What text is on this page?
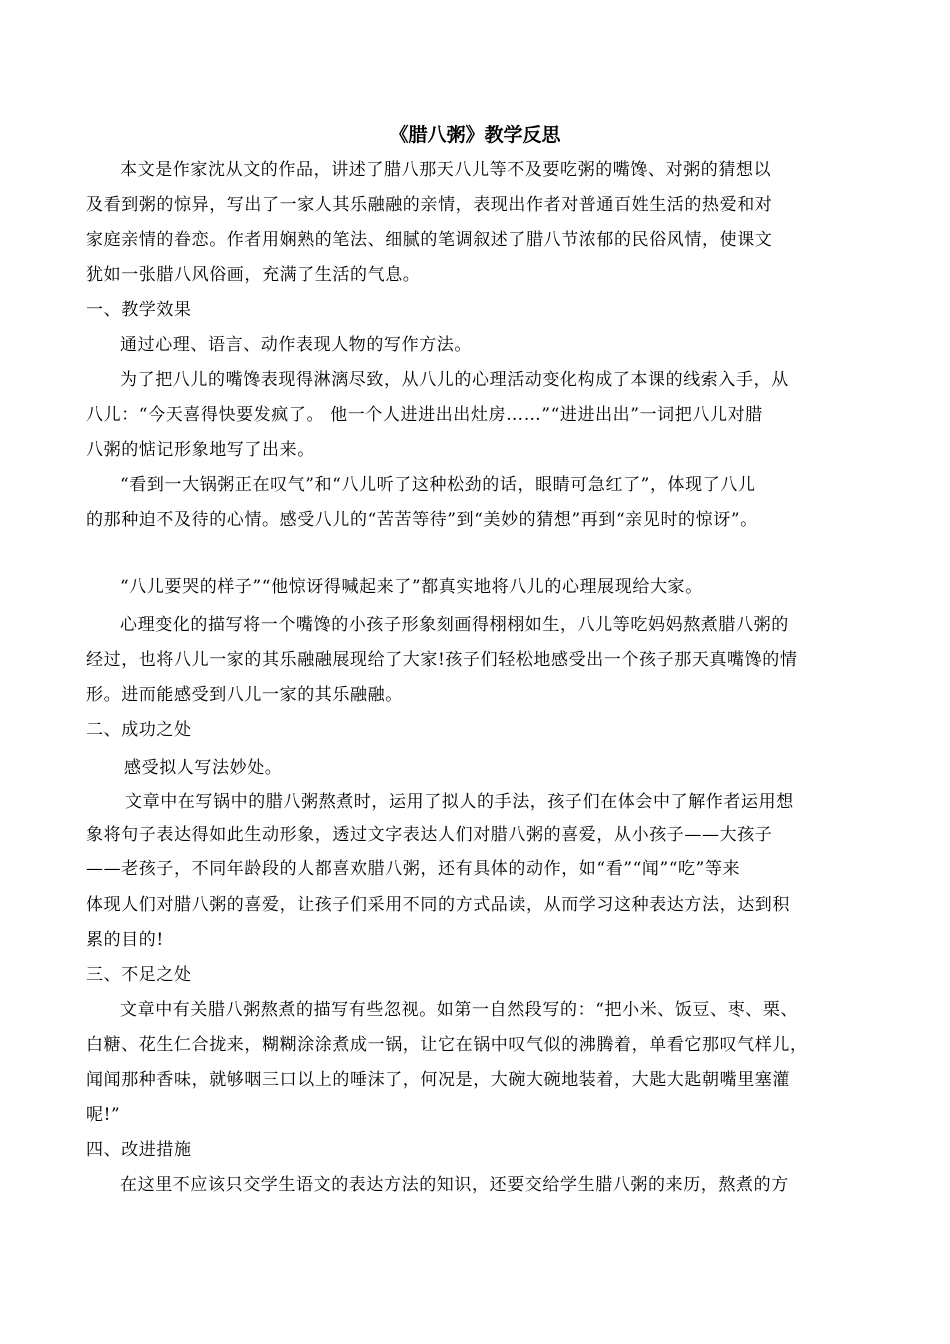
《腊八粥》教学反思
本文是作家沈从文的作品，讲述了腊八那天八儿等不及要吃粥的嘴馋、对粥的猜想以
及看到粥的惊异，写出了一家人其乐融融的亲情，表现出作者对普通百姓生活的热爱和对
家庭亲情的眷恋。作者用娴熟的笔法、细腻的笔调叙述了腊八节浓郁的民俗风情，使课文
犹如一张腊八风俗画，充满了生活的气息。
一、教学效果
通过心理、语言、动作表现人物的写作方法。
为了把八儿的嘴馋表现得淋漓尽致，从八儿的心理活动变化构成了本课的线索入手，从
八儿：“今天喜得快要发疯了。 他一个人进进出出灶房……”“进进出出”一词把八儿对腊
八粥的惦记形象地写了出来。
“看到一大锅粥正在叹气”和“八儿听了这种松劲的话，眼睛可急红了”，体现了八儿
的那种迫不及待的心情。感受八儿的“苦苦等待”到“美妙的猜想”再到“亲见时的惊讶”。
“八儿要哭的样子”“他惊讶得喊起来了”都真实地将八儿的心理展现给大家。
心理变化的描写将一个嘴馋的小孩子形象刻画得栩栩如生，八儿等吃妈妈熬煮腊八粥的
经过，也将八儿一家的其乐融融展现给了大家!孩子们轻松地感受出一个孩子那天真嘴馋的情
形。进而能感受到八儿一家的其乐融融。
二、成功之处
感受拟人写法妙处。
文章中在写锅中的腊八粥熬煮时，运用了拟人的手法，孩子们在体会中了解作者运用想
象将句子表达得如此生动形象，透过文字表达人们对腊八粥的喜爱，从小孩子——大孩子
——老孩子，不同年龄段的人都喜欢腊八粥，还有具体的动作，如“看”“闻”“吃”等来
体现人们对腊八粥的喜爱，让孩子们采用不同的方式品读，从而学习这种表达方法，达到积
累的目的!
三、不足之处
文章中有关腊八粥熬煮的描写有些忽视。如第一自然段写的：“把小米、饭豆、枣、栗、
白糖、花生仁合拢来，糊糊涂涂煮成一锅，让它在锅中叹气似的沸腾着，单看它那叹气样儿，
闻闻那种香味，就够咽三口以上的唾沫了，何况是，大碗大碗地装着，大匙大匙朝嘴里塞灌
呢!”
四、改进措施
在这里不应该只交学生语文的表达方法的知识，还要交给学生腊八粥的来历，熬煮的方
